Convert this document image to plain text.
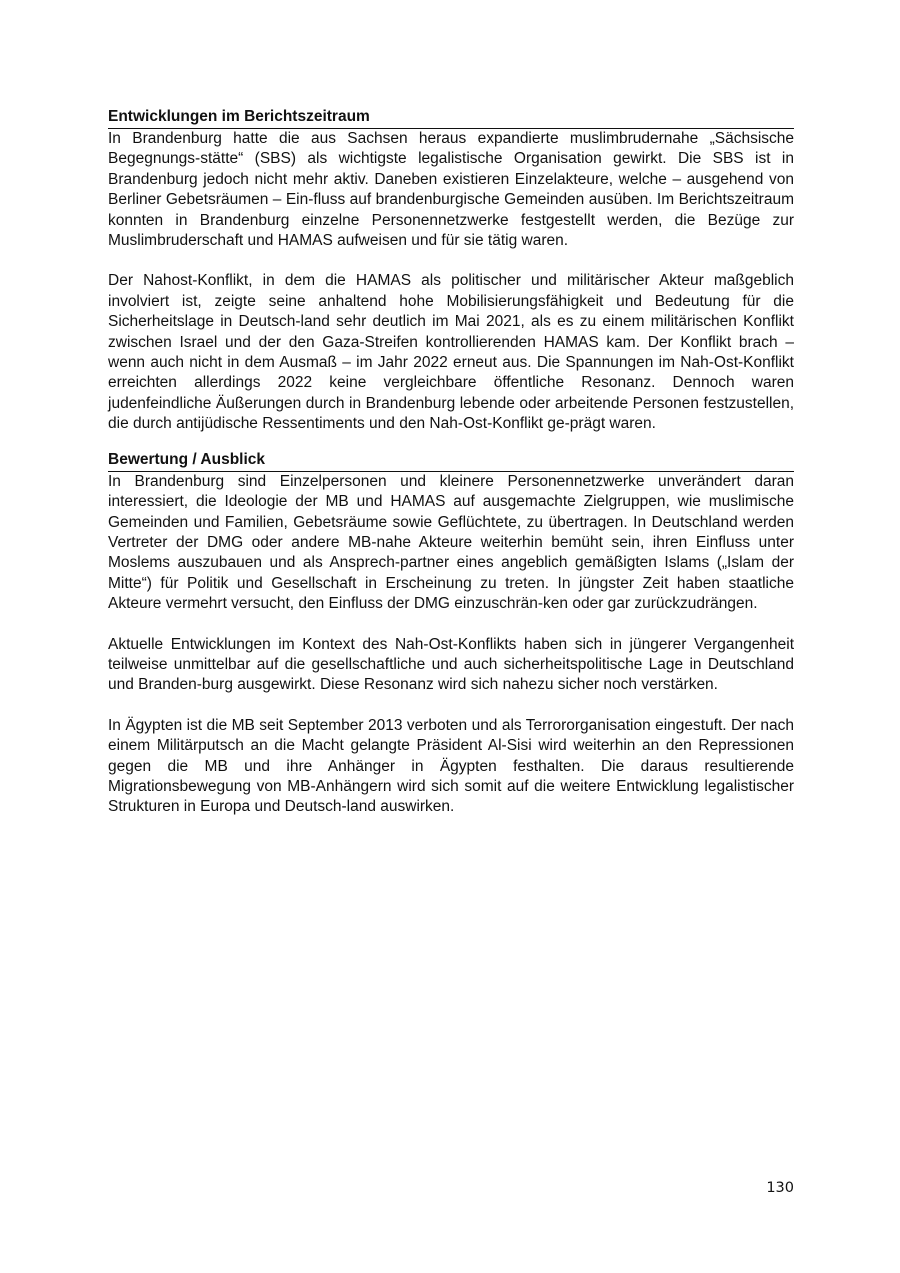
Entwicklungen im Berichtszeitraum

In Brandenburg hatte die aus Sachsen heraus expandierte muslimbrudernahe „Sächsische Begegnungs-stätte“ (SBS) als wichtigste legalistische Organisation gewirkt. Die SBS ist in Brandenburg jedoch nicht mehr aktiv. Daneben existieren Einzelakteure, welche – ausgehend von Berliner Gebetsräumen – Ein-fluss auf brandenburgische Gemeinden ausüben. Im Berichtszeitraum konnten in Brandenburg einzelne Personennetzwerke festgestellt werden, die Bezüge zur Muslimbruderschaft und HAMAS aufweisen und für sie tätig waren.

Der Nahost-Konflikt, in dem die HAMAS als politischer und militärischer Akteur maßgeblich involviert ist, zeigte seine anhaltend hohe Mobilisierungsfähigkeit und Bedeutung für die Sicherheitslage in Deutsch-land sehr deutlich im Mai 2021, als es zu einem militärischen Konflikt zwischen Israel und der den Gaza-Streifen kontrollierenden HAMAS kam. Der Konflikt brach – wenn auch nicht in dem Ausmaß – im Jahr 2022 erneut aus. Die Spannungen im Nah-Ost-Konflikt erreichten allerdings 2022 keine vergleichbare öffentliche Resonanz. Dennoch waren judenfeindliche Äußerungen durch in Brandenburg lebende oder arbeitende Personen festzustellen, die durch antijüdische Ressentiments und den Nah-Ost-Konflikt ge-prägt waren.

Bewertung / Ausblick

In Brandenburg sind Einzelpersonen und kleinere Personennetzwerke unverändert daran interessiert, die Ideologie der MB und HAMAS auf ausgemachte Zielgruppen, wie muslimische Gemeinden und Familien, Gebetsräume sowie Geflüchtete, zu übertragen. In Deutschland werden Vertreter der DMG oder andere MB-nahe Akteure weiterhin bemüht sein, ihren Einfluss unter Moslems auszubauen und als Ansprech-partner eines angeblich gemäßigten Islams („Islam der Mitte“) für Politik und Gesellschaft in Erscheinung zu treten. In jüngster Zeit haben staatliche Akteure vermehrt versucht, den Einfluss der DMG einzuschrän-ken oder gar zurückzudrängen.

Aktuelle Entwicklungen im Kontext des Nah-Ost-Konflikts haben sich in jüngerer Vergangenheit teilweise unmittelbar auf die gesellschaftliche und auch sicherheitspolitische Lage in Deutschland und Branden-burg ausgewirkt. Diese Resonanz wird sich nahezu sicher noch verstärken.

In Ägypten ist die MB seit September 2013 verboten und als Terrororganisation eingestuft. Der nach einem Militärputsch an die Macht gelangte Präsident Al-Sisi wird weiterhin an den Repressionen gegen die MB und ihre Anhänger in Ägypten festhalten. Die daraus resultierende Migrationsbewegung von MB-Anhängern wird sich somit auf die weitere Entwicklung legalistischer Strukturen in Europa und Deutsch-land auswirken.

130
